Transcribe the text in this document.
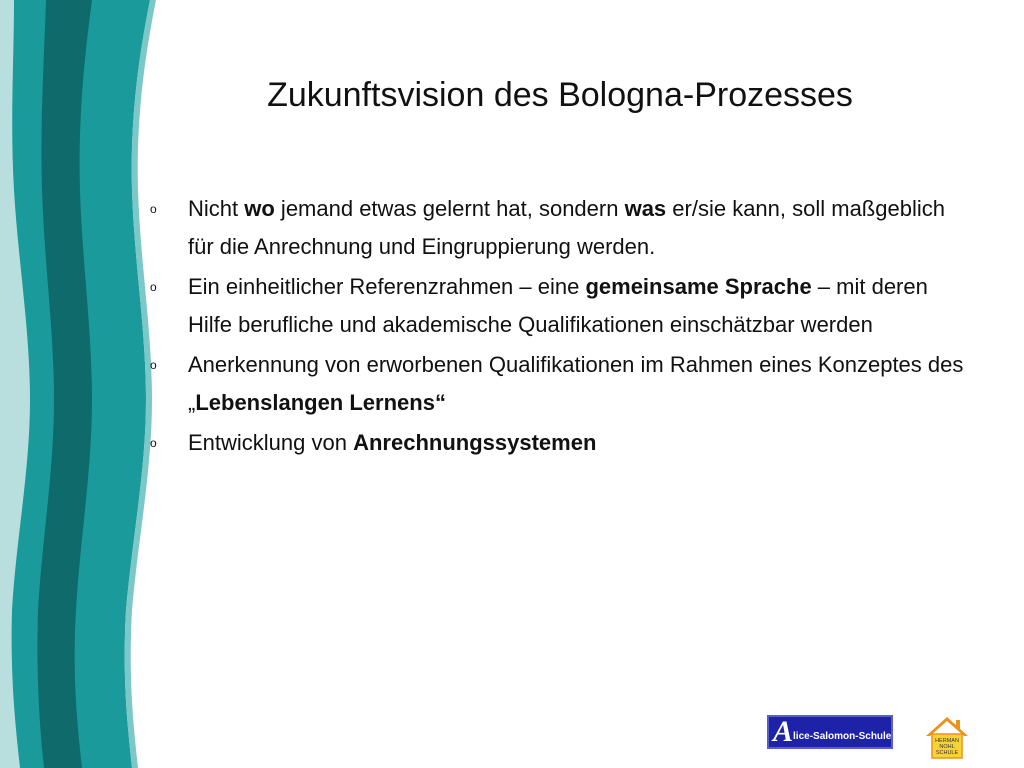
Zukunftsvision des Bologna-Prozesses
o Nicht wo jemand etwas gelernt hat, sondern was er/sie kann, soll maßgeblich für die Anrechnung und Eingruppierung werden.
o Ein einheitlicher Referenzrahmen – eine gemeinsame Sprache – mit deren Hilfe berufliche und akademische Qualifikationen einschätzbar werden
o Anerkennung von erworbenen Qualifikationen im Rahmen eines Konzeptes des „Lebenslangen Lernens“
o Entwicklung von Anrechnungssystemen
A lice-Salomon-Schule	HERMAN
NOHL
SCHULE
